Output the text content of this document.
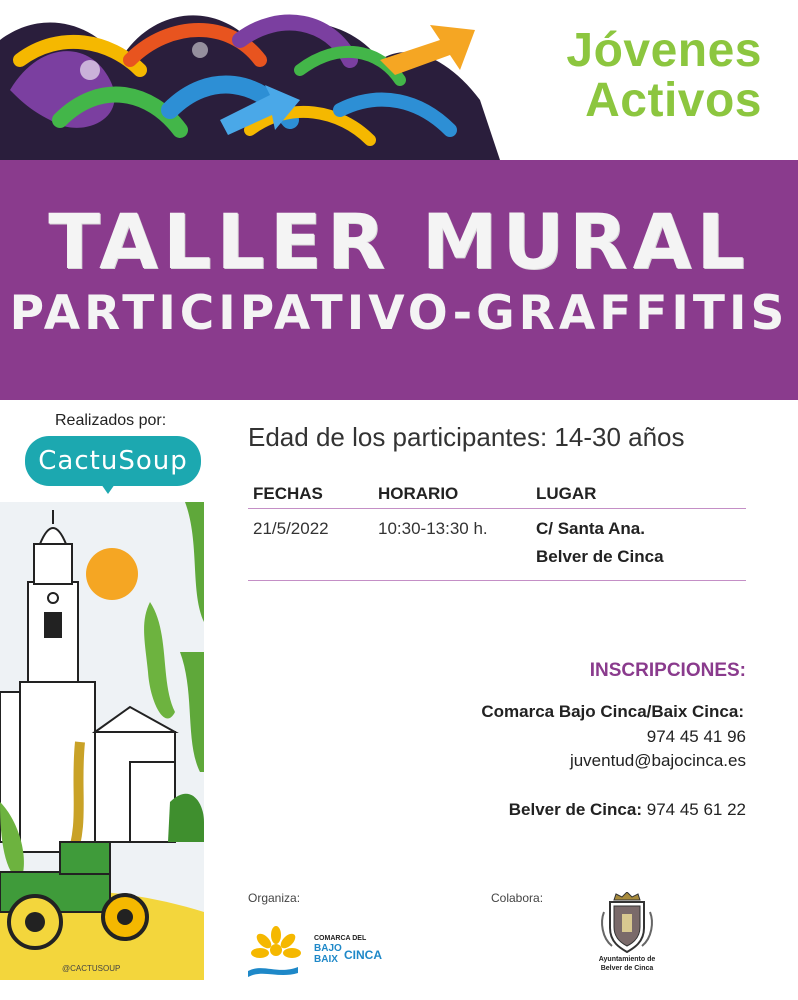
Jóvenes
Activos
TALLER MURAL
PARTICIPATIVO-GRAFFITIS
Realizados por:
CactuSoup
@CACTUSOUP
Edad de los participantes: 14-30 años
FECHAS	HORARIO	LUGAR
21/5/2022	10:30-13:30 h.	C/ Santa Ana.
Belver de Cinca
INSCRIPCIONES:
Comarca Bajo Cinca/Baix Cinca:
974 45 41 96
juventud@bajocinca.es
Belver de Cinca: 974 45 61 22
Organiza:	Colabora:
COMARCA DEL
BAJO
BAIX CINCA	Ayuntamiento de
Belver de Cinca
